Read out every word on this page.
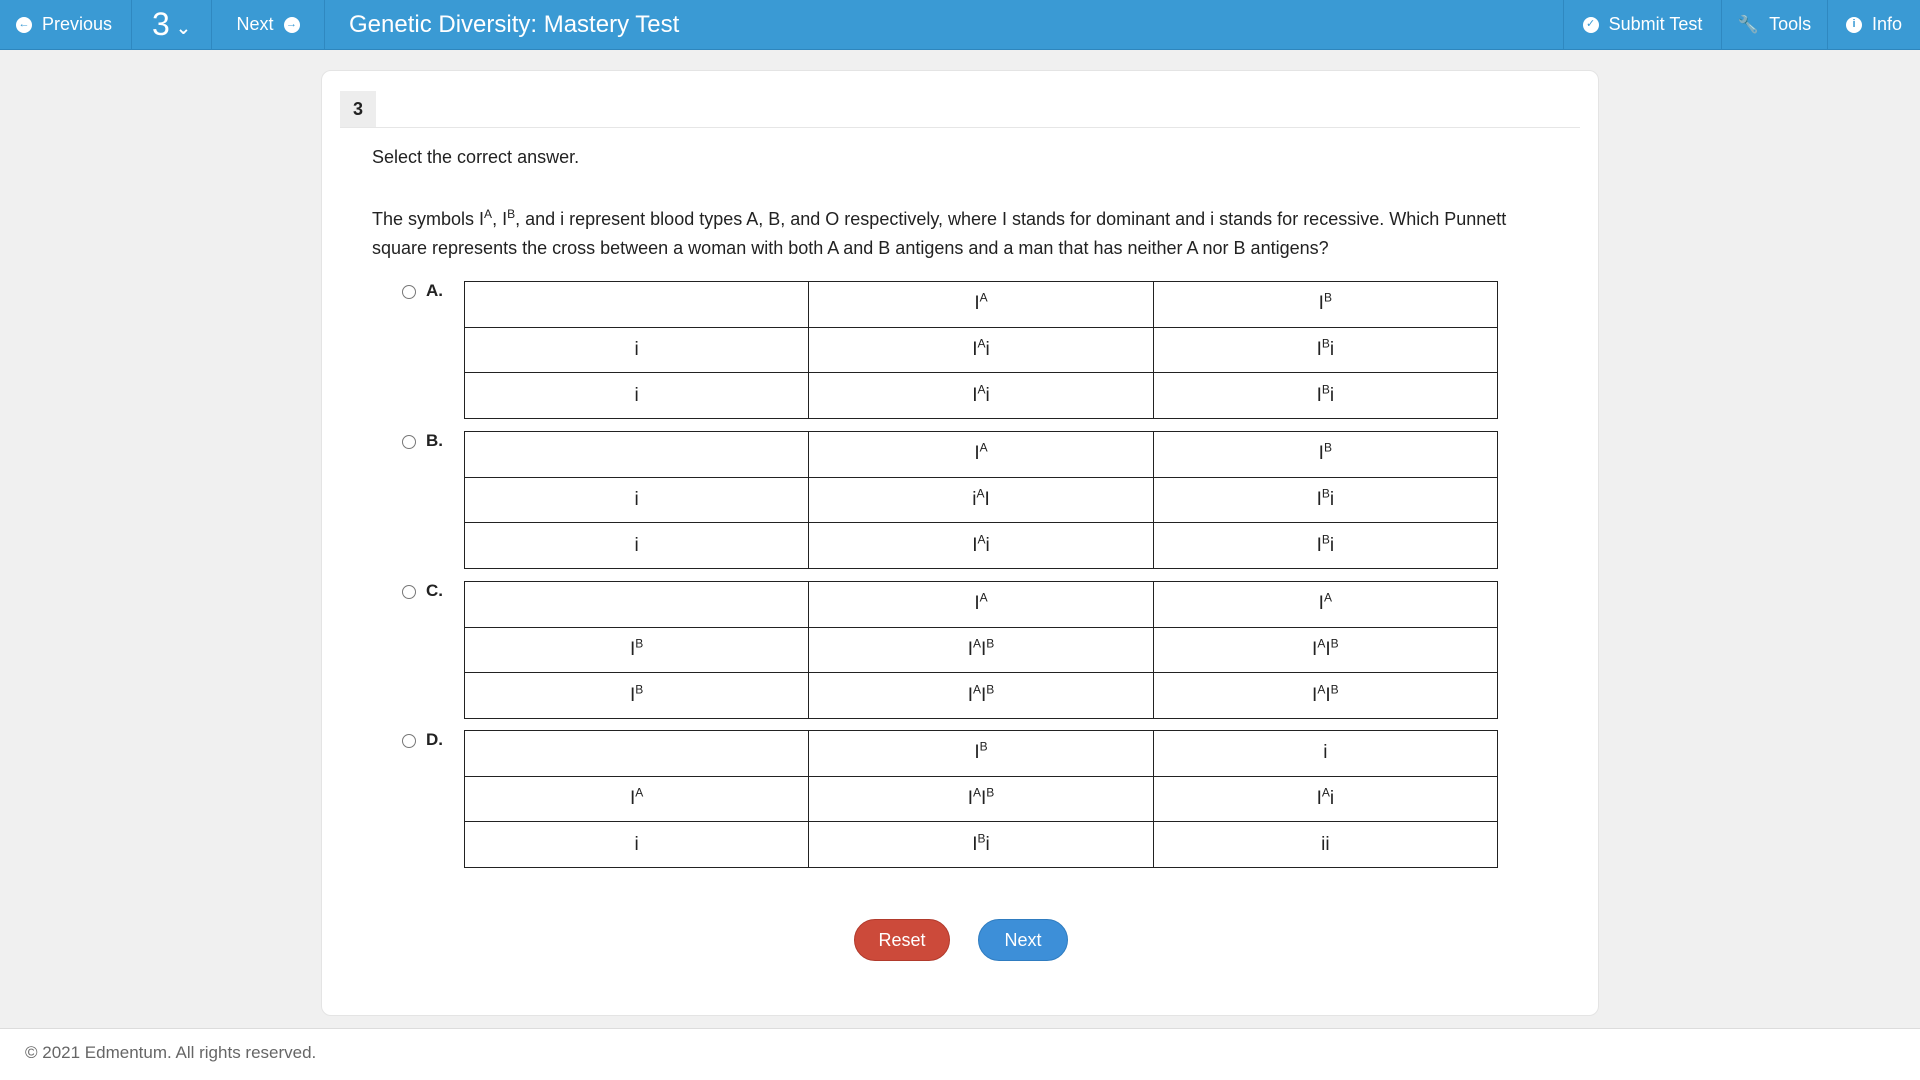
← Previous 3 ⌄	Next →	Genetic Diversity: Mastery Test	✓ Submit Test 🔧 Tools	i Info
3
Select the correct answer.
The symbols $I^A$, $I^B$, and i represent blood types A, B, and O respectively, where I stands for dominant and i stands for recessive. Which Punnett square represents the cross between a woman with both A and B antigens and a man that has neither A nor B antigens?
A.
	$I^A$	$I^B$
i	$I^Ai$	$I^Bi$
i	$I^Ai$	$I^Bi$
B.
	$I^A$	$I^B$
i	$i^AI$	$I^Bi$
i	$I^Ai$	$I^Bi$
C.
	$I^A$	$I^A$
$I^B$	$I^AI^B$	$I^AI^B$
$I^B$	$I^AI^B$	$I^AI^B$
D.
	$I^B$	i
$I^A$	$I^AI^B$	$I^Ai$
i	$I^Bi$	ii
Reset	Next
© 2021 Edmentum. All rights reserved.
